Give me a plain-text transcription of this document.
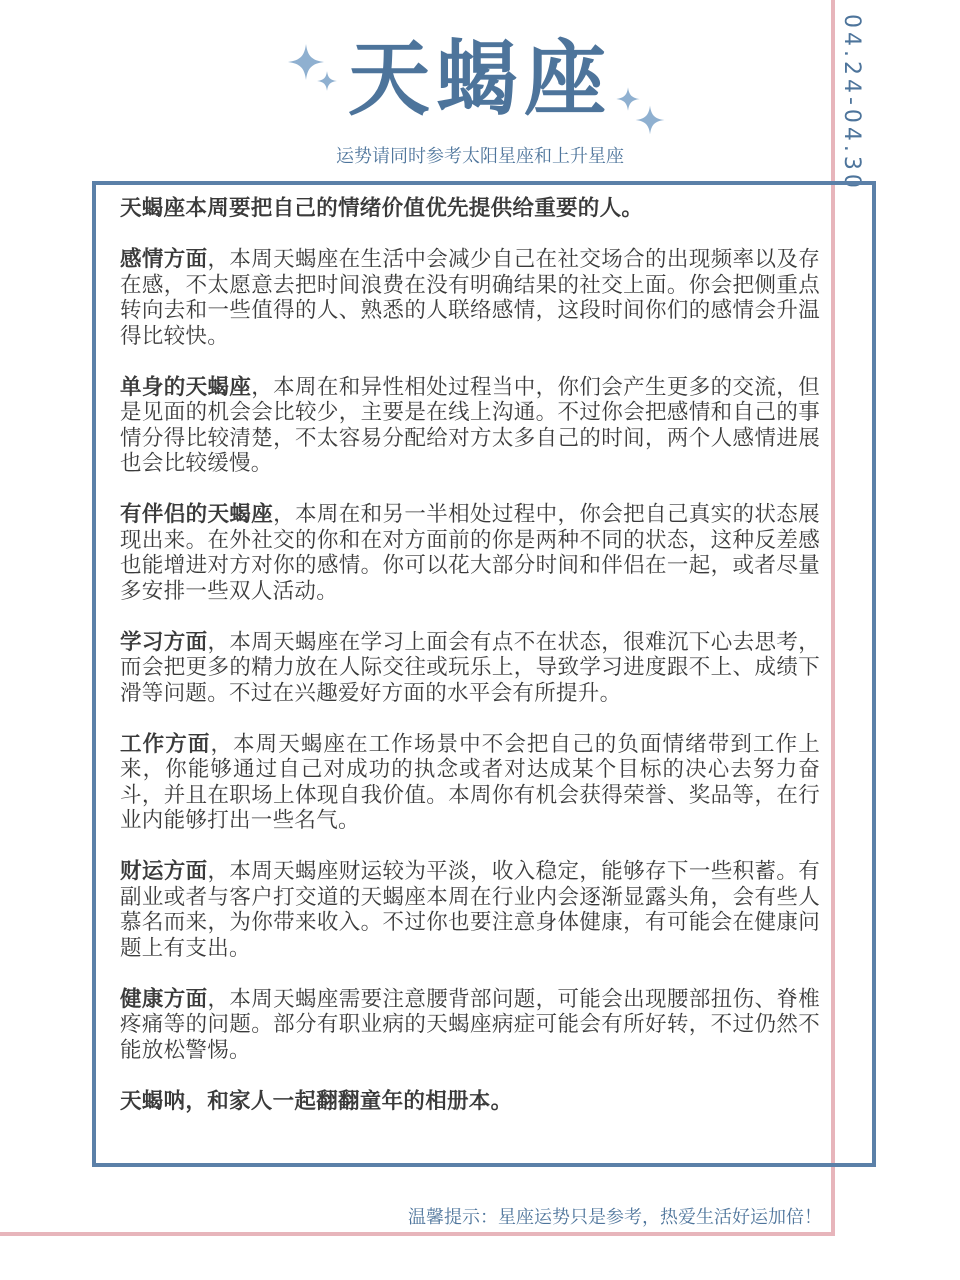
04.24-04.30
天蝎座
运势请同时参考太阳星座和上升星座

天蝎座本周要把自己的情绪价值优先提供给重要的人。

感情方面，本周天蝎座在生活中会减少自己在社交场合的出现频率以及存在感，不太愿意去把时间浪费在没有明确结果的社交上面。你会把侧重点转向去和一些值得的人、熟悉的人联络感情，这段时间你们的感情会升温得比较快。

单身的天蝎座，本周在和异性相处过程当中，你们会产生更多的交流，但是见面的机会会比较少，主要是在线上沟通。不过你会把感情和自己的事情分得比较清楚，不太容易分配给对方太多自己的时间，两个人感情进展也会比较缓慢。

有伴侣的天蝎座，本周在和另一半相处过程中，你会把自己真实的状态展现出来。在外社交的你和在对方面前的你是两种不同的状态，这种反差感也能增进对方对你的感情。你可以花大部分时间和伴侣在一起，或者尽量多安排一些双人活动。

学习方面，本周天蝎座在学习上面会有点不在状态，很难沉下心去思考，而会把更多的精力放在人际交往或玩乐上，导致学习进度跟不上、成绩下滑等问题。不过在兴趣爱好方面的水平会有所提升。

工作方面，本周天蝎座在工作场景中不会把自己的负面情绪带到工作上来，你能够通过自己对成功的执念或者对达成某个目标的决心去努力奋斗，并且在职场上体现自我价值。本周你有机会获得荣誉、奖品等，在行业内能够打出一些名气。

财运方面，本周天蝎座财运较为平淡，收入稳定，能够存下一些积蓄。有副业或者与客户打交道的天蝎座本周在行业内会逐渐显露头角，会有些人慕名而来，为你带来收入。不过你也要注意身体健康，有可能会在健康问题上有支出。

健康方面，本周天蝎座需要注意腰背部问题，可能会出现腰部扭伤、脊椎疼痛等的问题。部分有职业病的天蝎座病症可能会有所好转，不过仍然不能放松警惕。

天蝎呐，和家人一起翻翻童年的相册本。

温馨提示：星座运势只是参考，热爱生活好运加倍！
